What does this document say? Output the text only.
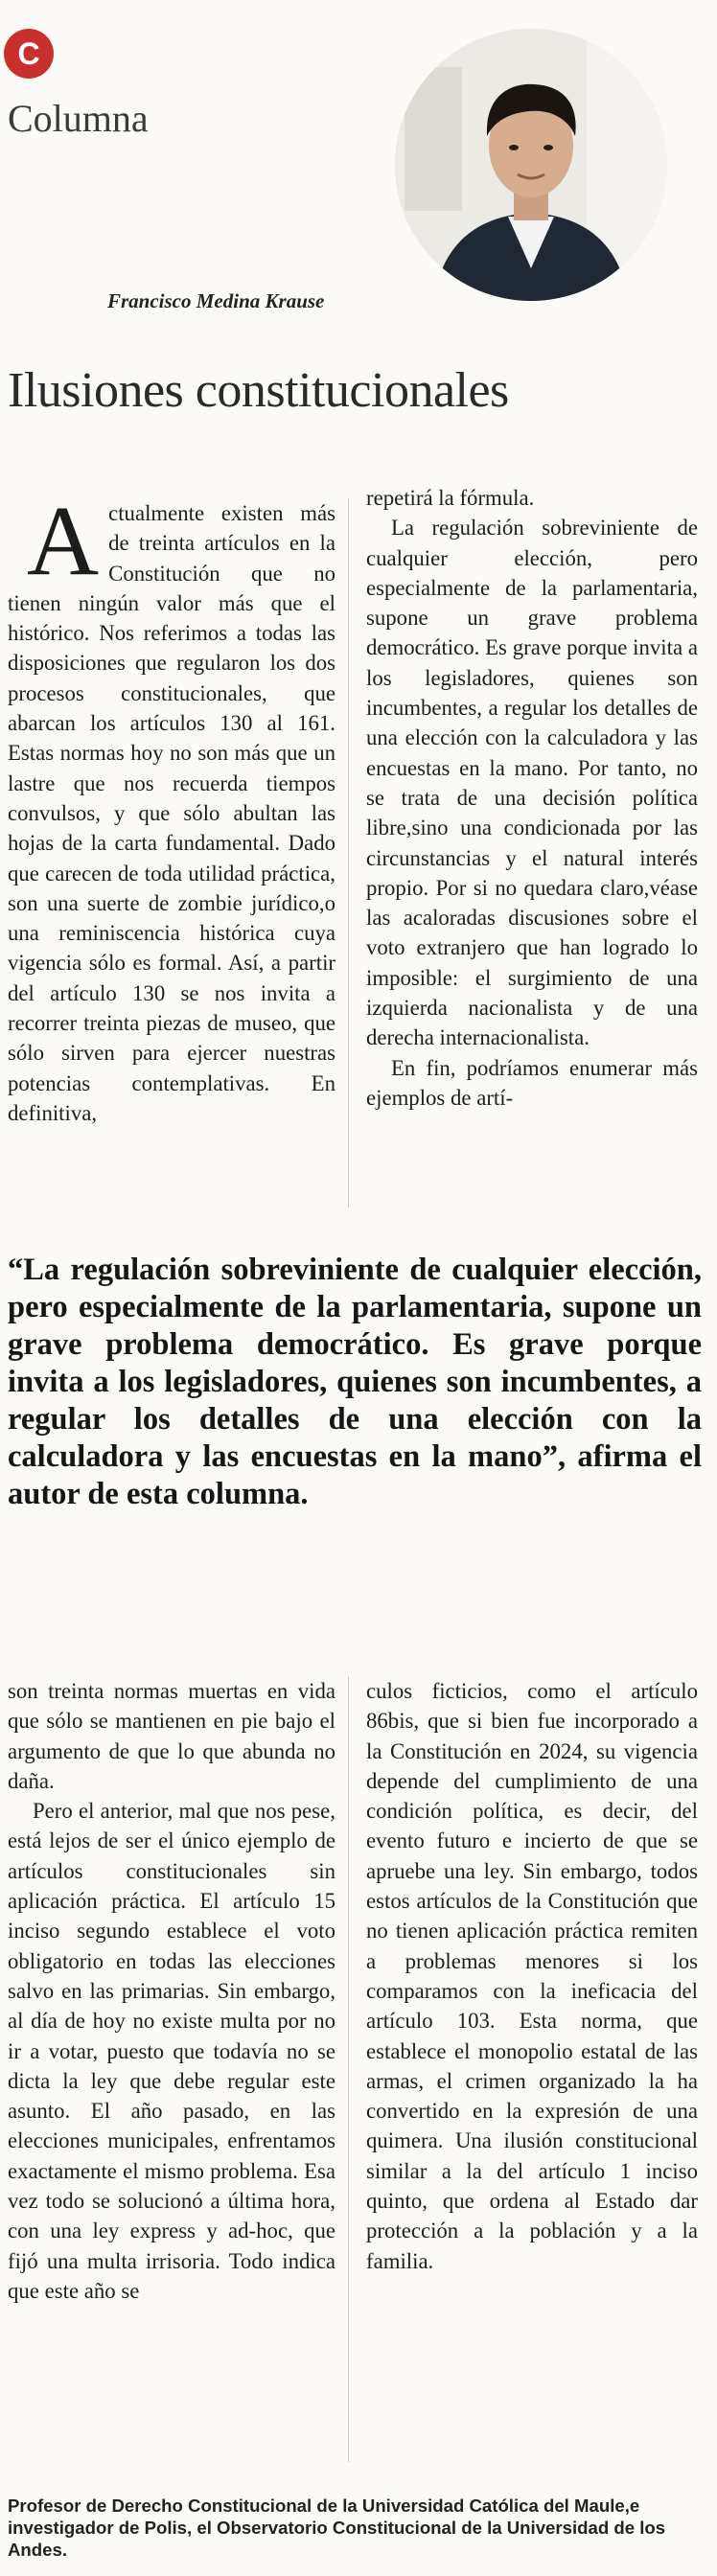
C
Columna
Francisco Medina Krause
Ilusiones constitucionales

Actualmente existen más de treinta artículos en la Constitución que no tienen ningún valor más que el histórico. Nos referimos a todas las disposiciones que regularon los dos procesos constitucionales, que abarcan los artículos 130 al 161. Estas normas hoy no son más que un lastre que nos recuerda tiempos convulsos, y que sólo abultan las hojas de la carta fundamental. Dado que carecen de toda utilidad práctica, son una suerte de zombie jurídico,o una reminiscencia histórica cuya vigencia sólo es formal. Así, a partir del artículo 130 se nos invita a recorrer treinta piezas de museo, que sólo sirven para ejercer nuestras potencias contemplativas. En definitiva,

repetirá la fórmula.

La regulación sobreviniente de cualquier elección, pero especialmente de la parlamentaria, supone un grave problema democrático. Es grave porque invita a los legisladores, quienes son incumbentes, a regular los detalles de una elección con la calculadora y las encuestas en la mano. Por tanto, no se trata de una decisión política libre,sino una condicionada por las circunstancias y el natural interés propio. Por si no quedara claro,véase las acaloradas discusiones sobre el voto extranjero que han logrado lo imposible: el surgimiento de una izquierda nacionalista y de una derecha internacionalista.

En fin, podríamos enumerar más ejemplos de artí-

“La regulación sobreviniente de cualquier elección, pero especialmente de la parlamentaria, supone un grave problema democrático. Es grave porque invita a los legisladores, quienes son incumbentes, a regular los detalles de una elección con la calculadora y las encuestas en la mano”, afirma el autor de esta columna.

son treinta normas muertas en vida que sólo se mantienen en pie bajo el argumento de que lo que abunda no daña.

Pero el anterior, mal que nos pese, está lejos de ser el único ejemplo de artículos constitucionales sin aplicación práctica. El artículo 15 inciso segundo establece el voto obligatorio en todas las elecciones salvo en las primarias. Sin embargo, al día de hoy no existe multa por no ir a votar, puesto que todavía no se dicta la ley que debe regular este asunto. El año pasado, en las elecciones municipales, enfrentamos exactamente el mismo problema. Esa vez todo se solucionó a última hora, con una ley express y ad-hoc, que fijó una multa irrisoria. Todo indica que este año se

culos ficticios, como el artículo 86bis, que si bien fue incorporado a la Constitución en 2024, su vigencia depende del cumplimiento de una condición política, es decir, del evento futuro e incierto de que se apruebe una ley. Sin embargo, todos estos artículos de la Constitución que no tienen aplicación práctica remiten a problemas menores si los comparamos con la ineficacia del artículo 103. Esta norma, que establece el monopolio estatal de las armas, el crimen organizado la ha convertido en la expresión de una quimera. Una ilusión constitucional similar a la del artículo 1 inciso quinto, que ordena al Estado dar protección a la población y a la familia.

Profesor de Derecho Constitucional de la Universidad Católica del Maule,e investigador de Polis, el Observatorio Constitucional de la Universidad de los Andes.
